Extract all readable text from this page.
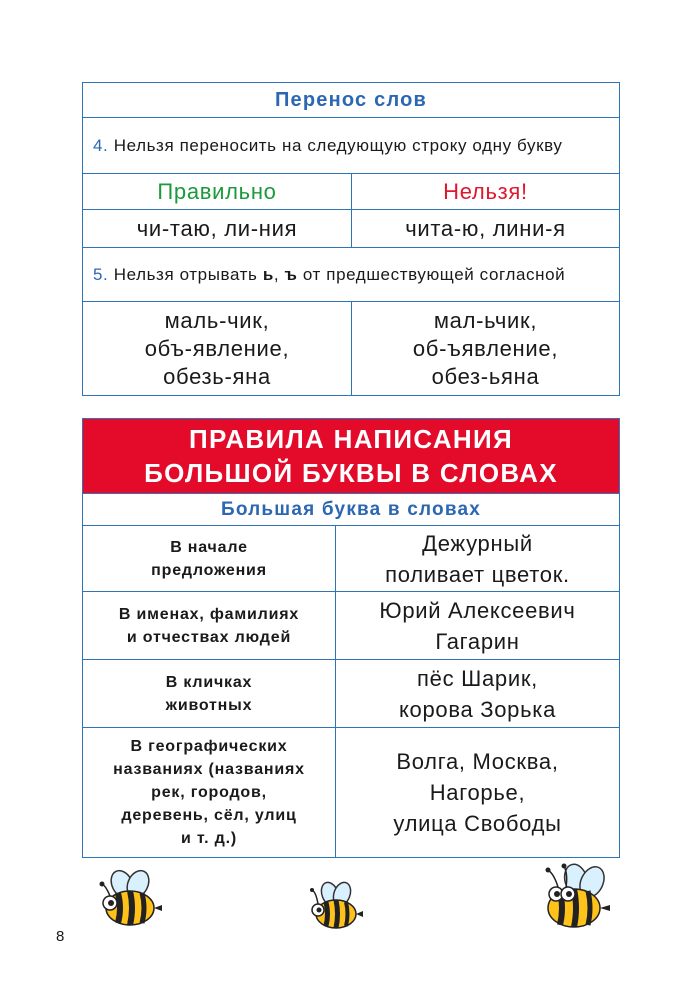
Перенос слов
4. Нельзя переносить на следующую строку одну букву
Правильно	Нельзя!
чи-таю, ли-ния	чита-ю, лини-я
5. Нельзя отрывать ь, ъ от предшествующей согласной
маль-чик,
объ-явление,
обезь-яна
мал-ьчик,
об-ъявление,
обез-ьяна
ПРАВИЛА НАПИСАНИЯ
БОЛЬШОЙ БУКВЫ В СЛОВАХ
Большая буква в словах
В начале
предложения
Дежурный
поливает цветок.
В именах, фамилиях
и отчествах людей
Юрий Алексеевич
Гагарин
В кличках
животных
пёс Шарик,
корова Зорька
В географических
названиях (названиях
рек, городов,
деревень, сёл, улиц
и т. д.)
Волга, Москва,
Нагорье,
улица Свободы
8
